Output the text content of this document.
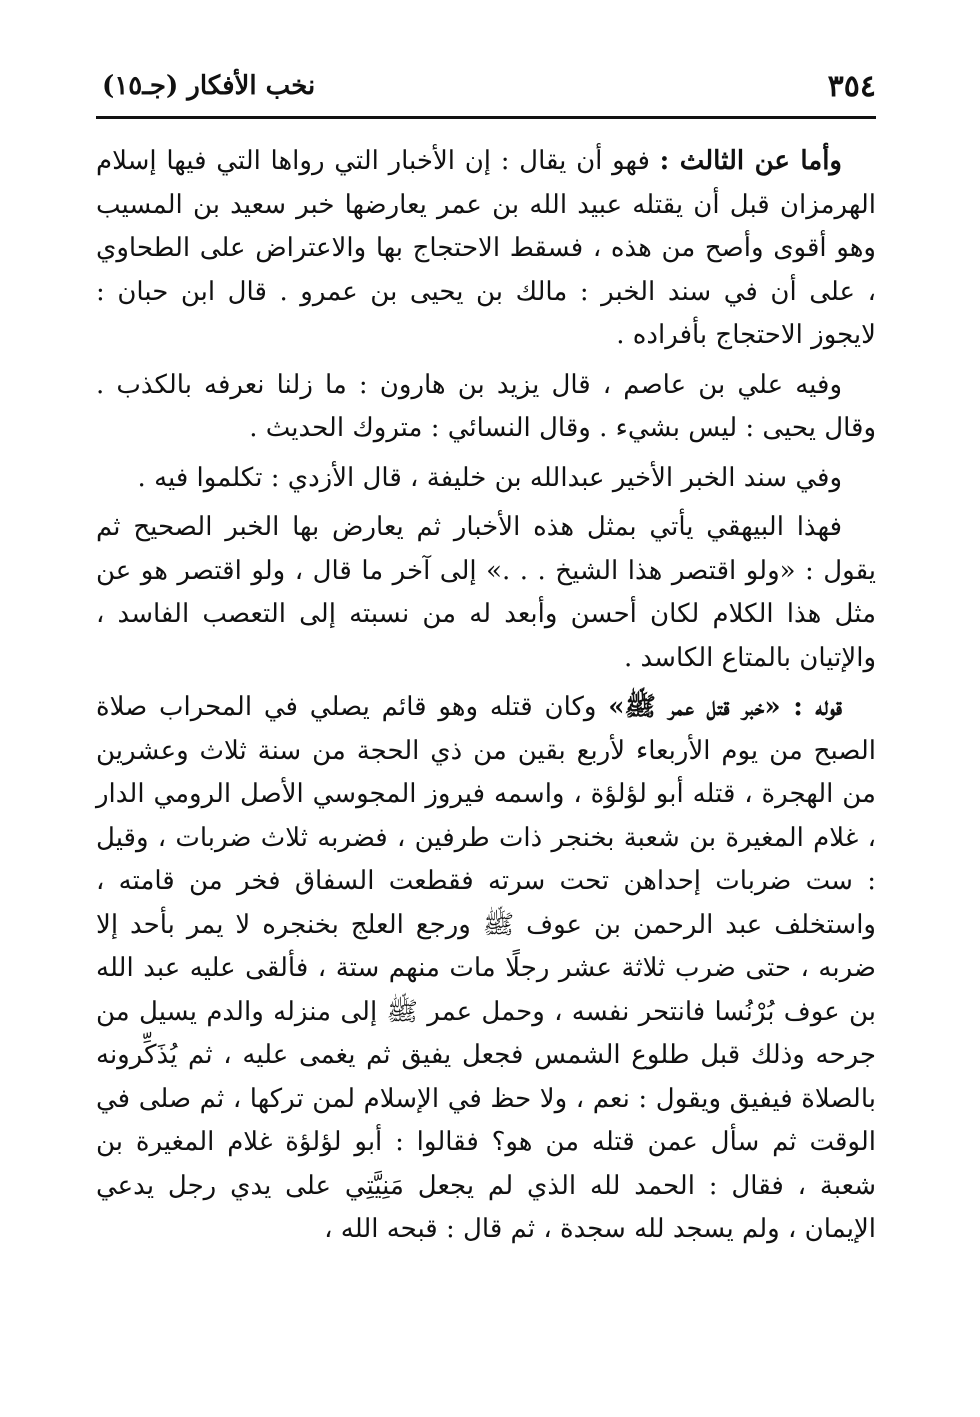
٣٥٤
نخب الأفكار (جـ١٥)

وأما عن الثالث : فهو أن يقال : إن الأخبار التي رواها التي فيها إسلام الهرمزان قبل أن يقتله عبيد الله بن عمر يعارضها خبر سعيد بن المسيب وهو أقوى وأصح من هذه ، فسقط الاحتجاج بها والاعتراض على الطحاوي ، على أن في سند الخبر : مالك بن يحيى بن عمرو . قال ابن حبان : لايجوز الاحتجاج بأفراده .

وفيه علي بن عاصم ، قال يزيد بن هارون : ما زلنا نعرفه بالكذب . وقال يحيى : ليس بشيء . وقال النسائي : متروك الحديث .

وفي سند الخبر الأخير عبدالله بن خليفة ، قال الأزدي : تكلموا فيه .

فهذا البيهقي يأتي بمثل هذه الأخبار ثم يعارض بها الخبر الصحيح ثم يقول : «ولو اقتصر هذا الشيخ . . .» إلى آخر ما قال ، ولو اقتصر هو عن مثل هذا الكلام لكان أحسن وأبعد له من نسبته إلى التعصب الفاسد ، والإتيان بالمتاع الكاسد .

قوله : «خبر قتل عمر ﷺ» وكان قتله وهو قائم يصلي في المحراب صلاة الصبح من يوم الأربعاء لأربع بقين من ذي الحجة من سنة ثلاث وعشرين من الهجرة ، قتله أبو لؤلؤة ، واسمه فيروز المجوسي الأصل الرومي الدار ، غلام المغيرة بن شعبة بخنجر ذات طرفين ، فضربه ثلاث ضربات ، وقيل : ست ضربات إحداهن تحت سرته فقطعت السفاق فخر من قامته ، واستخلف عبد الرحمن بن عوف ﷺ ورجع العلج بخنجره لا يمر بأحد إلا ضربه ، حتى ضرب ثلاثة عشر رجلًا مات منهم ستة ، فألقى عليه عبد الله بن عوف بُرْنُسا فانتحر نفسه ، وحمل عمر ﷺ إلى منزله والدم يسيل من جرحه وذلك قبل طلوع الشمس فجعل يفيق ثم يغمى عليه ، ثم يُذَكِّرونه بالصلاة فيفيق ويقول : نعم ، ولا حظ في الإسلام لمن تركها ، ثم صلى في الوقت ثم سأل عمن قتله من هو؟ فقالوا : أبو لؤلؤة غلام المغيرة بن شعبة ، فقال : الحمد لله الذي لم يجعل مَنِيَّتِي على يدي رجل يدعي الإيمان ، ولم يسجد لله سجدة ، ثم قال : قبحه الله ،
